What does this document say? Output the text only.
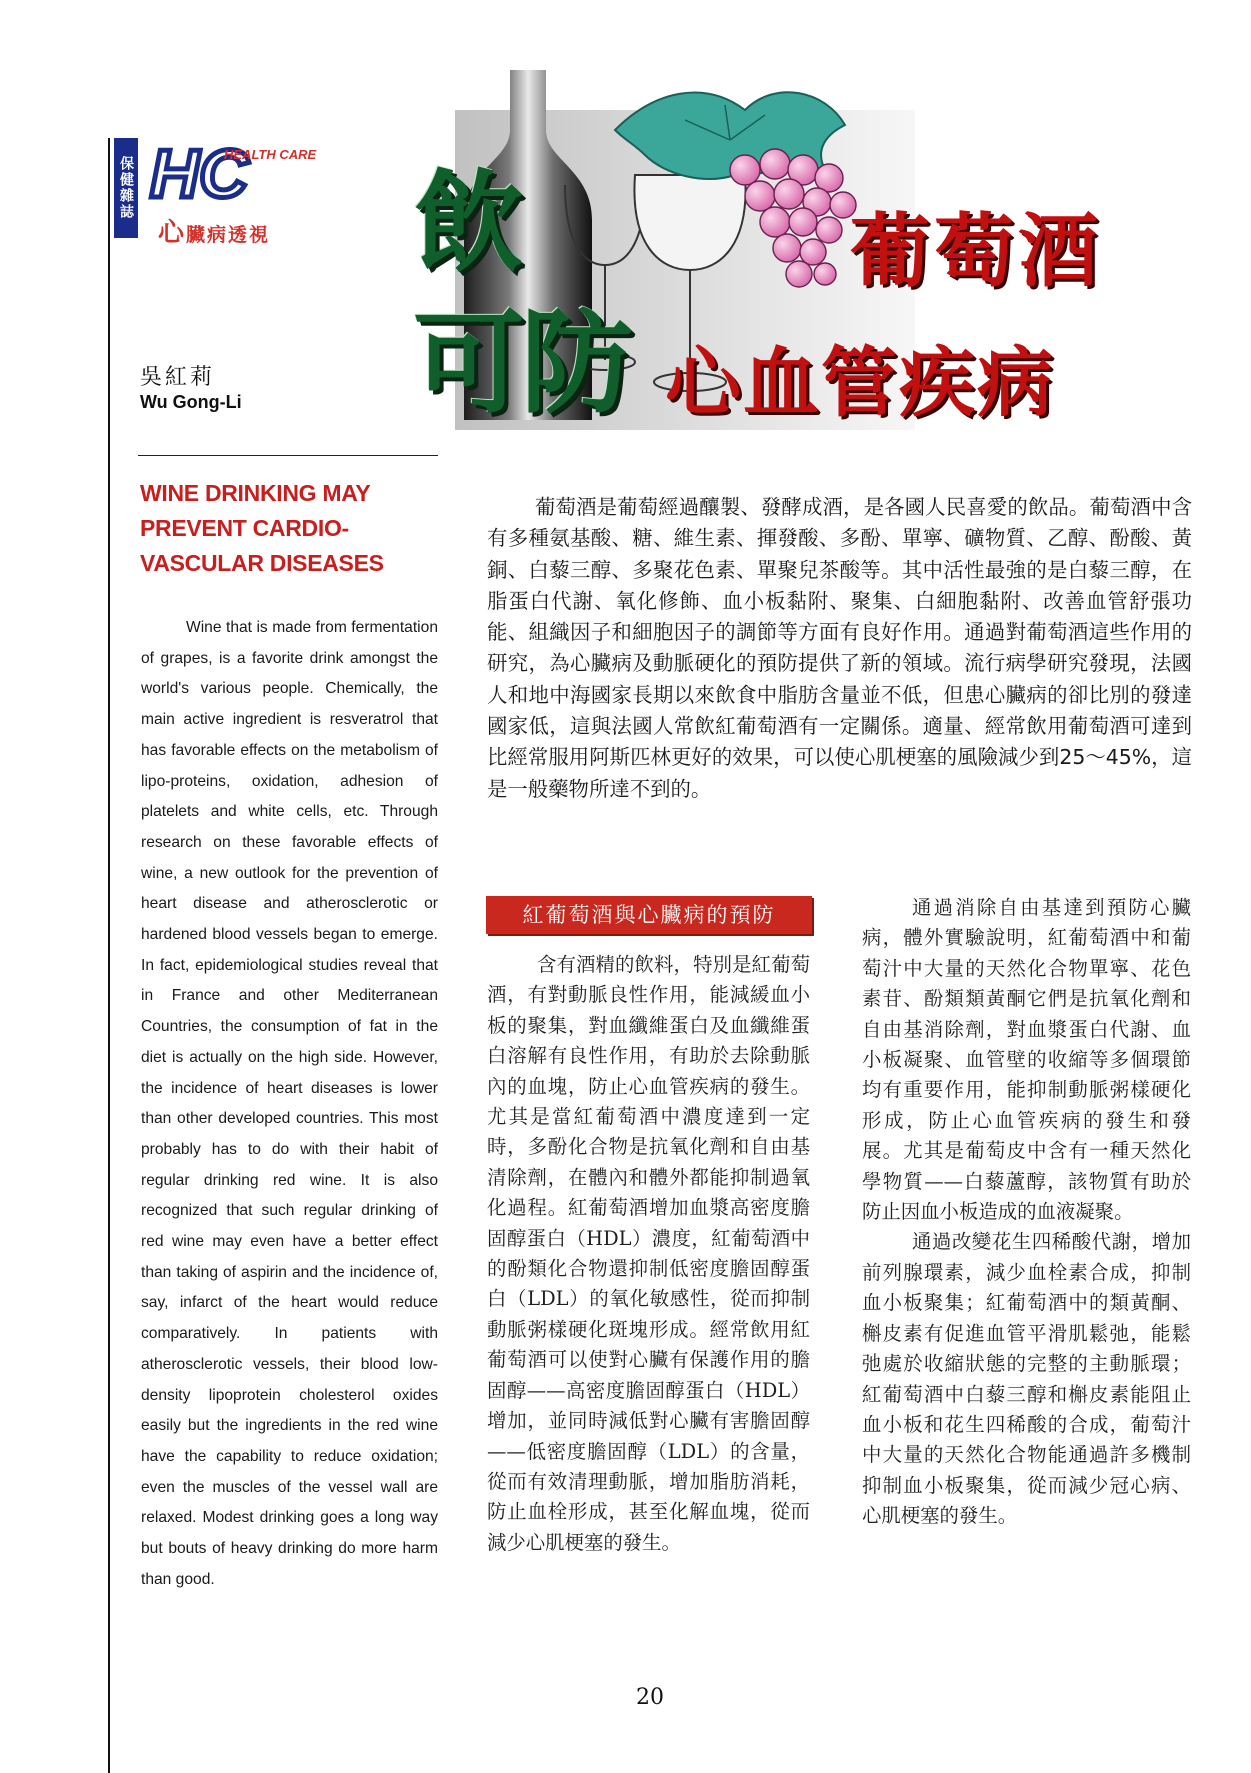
保健雜誌 HC
HEALTH CARE
心臟病透視
吳紅莉
Wu Gong-Li
WINE DRINKING MAY PREVENT CARDIO-VASCULAR DISEASES
Wine that is made from fermentation of grapes, is a favorite drink amongst the world's various people. Chemically, the main active ingredient is resveratrol that has favorable effects on the metabolism of lipo-proteins, oxidation, adhesion of platelets and white cells, etc. Through research on these favorable effects of wine, a new outlook for the prevention of heart disease and atherosclerotic or hardened blood vessels began to emerge. In fact, epidemiological studies reveal that in France and other Mediterranean Countries, the consumption of fat in the diet is actually on the high side. However, the incidence of heart diseases is lower than other developed countries. This most probably has to do with their habit of regular drinking red wine. It is also recognized that such regular drinking of red wine may even have a better effect than taking of aspirin and the incidence of, say, infarct of the heart would reduce comparatively. In patients with atherosclerotic vessels, their blood low-density lipoprotein cholesterol oxides easily but the ingredients in the red wine have the capability to reduce oxidation; even the muscles of the vessel wall are relaxed. Modest drinking goes a long way but bouts of heavy drinking do more harm than good.
飲	葡萄酒
可防 心血管疾病
葡萄酒是葡萄經過釀製、發酵成酒，是各國人民喜愛的飲品。葡萄酒中含有多種氨基酸、糖、維生素、揮發酸、多酚、單寧、礦物質、乙醇、酚酸、黃銅、白藜三醇、多聚花色素、單聚兒茶酸等。其中活性最強的是白藜三醇，在脂蛋白代謝、氧化修飾、血小板黏附、聚集、白細胞黏附、改善血管舒張功能、組織因子和細胞因子的調節等方面有良好作用。通過對葡萄酒這些作用的研究，為心臟病及動脈硬化的預防提供了新的領域。流行病學研究發現，法國人和地中海國家長期以來飲食中脂肪含量並不低，但患心臟病的卻比別的發達國家低，這與法國人常飲紅葡萄酒有一定關係。適量、經常飲用葡萄酒可達到比經常服用阿斯匹林更好的效果，可以使心肌梗塞的風險減少到25～45%，這是一般藥物所達不到的。
紅葡萄酒與心臟病的預防
含有酒精的飲料，特別是紅葡萄酒，有對動脈良性作用，能減緩血小板的聚集，對血纖維蛋白及血纖維蛋白溶解有良性作用，有助於去除動脈內的血塊，防止心血管疾病的發生。尤其是當紅葡萄酒中濃度達到一定時，多酚化合物是抗氧化劑和自由基清除劑，在體內和體外都能抑制過氧化過程。紅葡萄酒增加血漿高密度膽固醇蛋白（HDL）濃度，紅葡萄酒中的酚類化合物還抑制低密度膽固醇蛋白（LDL）的氧化敏感性，從而抑制動脈粥樣硬化斑塊形成。經常飲用紅葡萄酒可以使對心臟有保護作用的膽固醇——高密度膽固醇蛋白（HDL）增加，並同時減低對心臟有害膽固醇——低密度膽固醇（LDL）的含量，從而有效清理動脈，增加脂肪消耗，防止血栓形成，甚至化解血塊，從而減少心肌梗塞的發生。

通過消除自由基達到預防心臟病，體外實驗說明，紅葡萄酒中和葡萄汁中大量的天然化合物單寧、花色素苷、酚類類黃酮它們是抗氧化劑和自由基消除劑，對血漿蛋白代謝、血小板凝聚、血管壁的收縮等多個環節均有重要作用，能抑制動脈粥樣硬化形成，防止心血管疾病的發生和發展。尤其是葡萄皮中含有一種天然化學物質——白藜蘆醇，該物質有助於防止因血小板造成的血液凝聚。

通過改變花生四稀酸代謝，增加前列腺環素，減少血栓素合成，抑制血小板聚集；紅葡萄酒中的類黃酮、槲皮素有促進血管平滑肌鬆弛，能鬆弛處於收縮狀態的完整的主動脈環；紅葡萄酒中白藜三醇和槲皮素能阻止血小板和花生四稀酸的合成，葡萄汁中大量的天然化合物能通過許多機制抑制血小板聚集，從而減少冠心病、心肌梗塞的發生。

20
